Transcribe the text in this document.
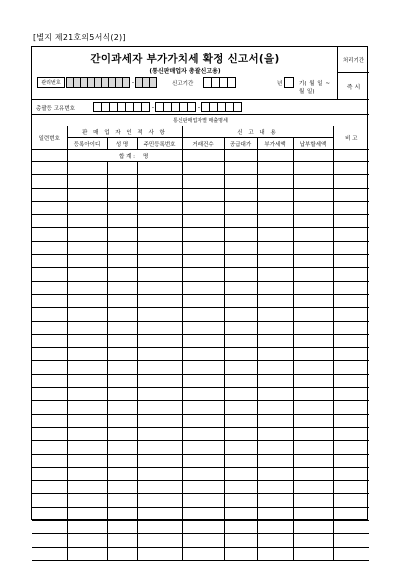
[별지 제21호의5서식(2)]
간이과세자 부가가치세 확정 신고서(을)
(통신판매업자 총괄신고용)
관리번호	-	신고기간	년	기( 월 일 ~ 월 일)
처리기간
즉 시
총괄등 고유번호	-	-
통신판매업자별 매출명세
일련번호	판 매 업 자 인 적 사 항			신 고 내 용				비 고
	등록아이디	성 명	주민등록번호	거래건수	공급대가	부가세액	납부할세액	
	합 계 :		명					
